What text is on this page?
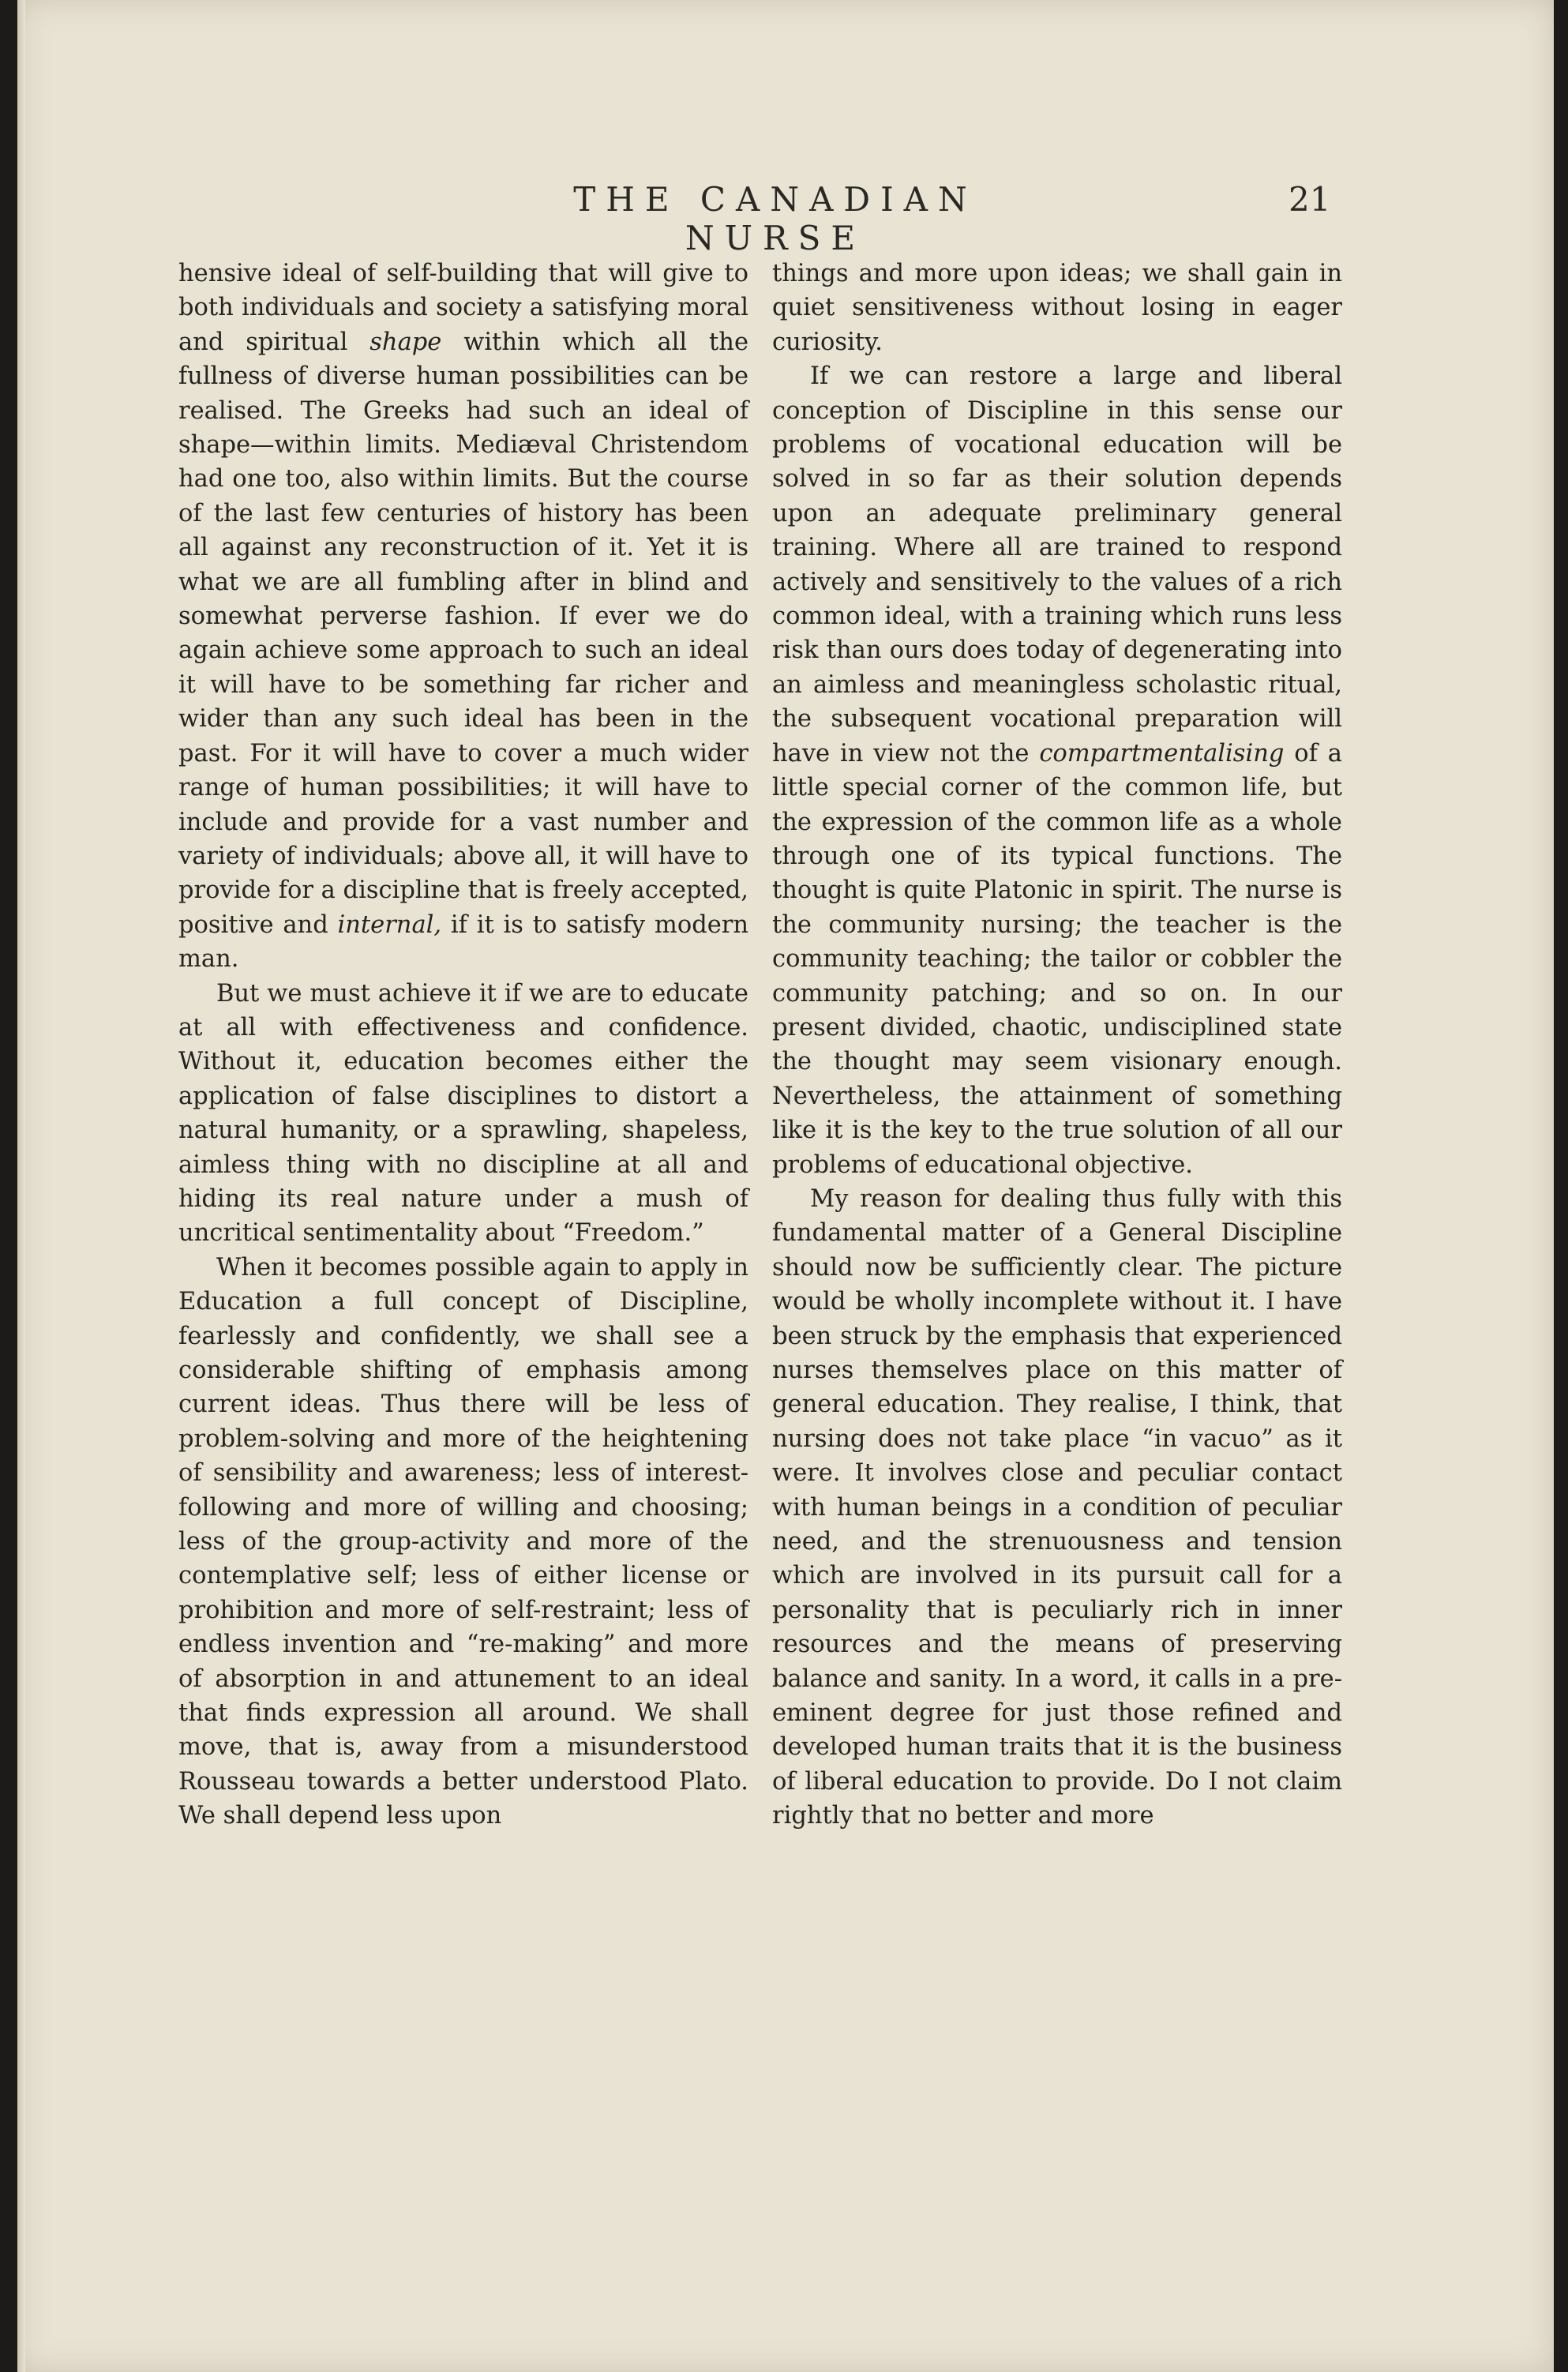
THE CANADIAN NURSE
21

hensive ideal of self-building that will give to both individuals and society a satisfying moral and spiritual shape within which all the fullness of diverse human possibilities can be realised. The Greeks had such an ideal of shape—within limits. Mediæval Christendom had one too, also within limits. But the course of the last few centuries of history has been all against any reconstruction of it. Yet it is what we are all fumbling after in blind and somewhat perverse fashion. If ever we do again achieve some approach to such an ideal it will have to be something far richer and wider than any such ideal has been in the past. For it will have to cover a much wider range of human possibilities; it will have to include and provide for a vast number and variety of individuals; above all, it will have to provide for a discipline that is freely accepted, positive and internal, if it is to satisfy modern man.

But we must achieve it if we are to educate at all with effectiveness and confidence. Without it, education becomes either the application of false disciplines to distort a natural humanity, or a sprawling, shapeless, aimless thing with no discipline at all and hiding its real nature under a mush of uncritical sentimentality about “Freedom.”

When it becomes possible again to apply in Education a full concept of Discipline, fearlessly and confidently, we shall see a considerable shifting of emphasis among current ideas. Thus there will be less of problem-solving and more of the heightening of sensibility and awareness; less of interest-following and more of willing and choosing; less of the group-activity and more of the contemplative self; less of either license or prohibition and more of self-restraint; less of endless invention and “re-making” and more of absorption in and attunement to an ideal that finds expression all around. We shall move, that is, away from a misunderstood Rousseau towards a better understood Plato. We shall depend less upon

things and more upon ideas; we shall gain in quiet sensitiveness without losing in eager curiosity.

If we can restore a large and liberal conception of Discipline in this sense our problems of vocational education will be solved in so far as their solution depends upon an adequate preliminary general training. Where all are trained to respond actively and sensitively to the values of a rich common ideal, with a training which runs less risk than ours does today of degenerating into an aimless and meaningless scholastic ritual, the subsequent vocational preparation will have in view not the compartmentalising of a little special corner of the common life, but the expression of the common life as a whole through one of its typical functions. The thought is quite Platonic in spirit. The nurse is the community nursing; the teacher is the community teaching; the tailor or cobbler the community patching; and so on. In our present divided, chaotic, undisciplined state the thought may seem visionary enough. Nevertheless, the attainment of something like it is the key to the true solution of all our problems of educational objective.

My reason for dealing thus fully with this fundamental matter of a General Discipline should now be sufficiently clear. The picture would be wholly incomplete without it. I have been struck by the emphasis that experienced nurses themselves place on this matter of general education. They realise, I think, that nursing does not take place “in vacuo” as it were. It involves close and peculiar contact with human beings in a condition of peculiar need, and the strenuousness and tension which are involved in its pursuit call for a personality that is peculiarly rich in inner resources and the means of preserving balance and sanity. In a word, it calls in a pre-eminent degree for just those refined and developed human traits that it is the business of liberal education to provide. Do I not claim rightly that no better and more
